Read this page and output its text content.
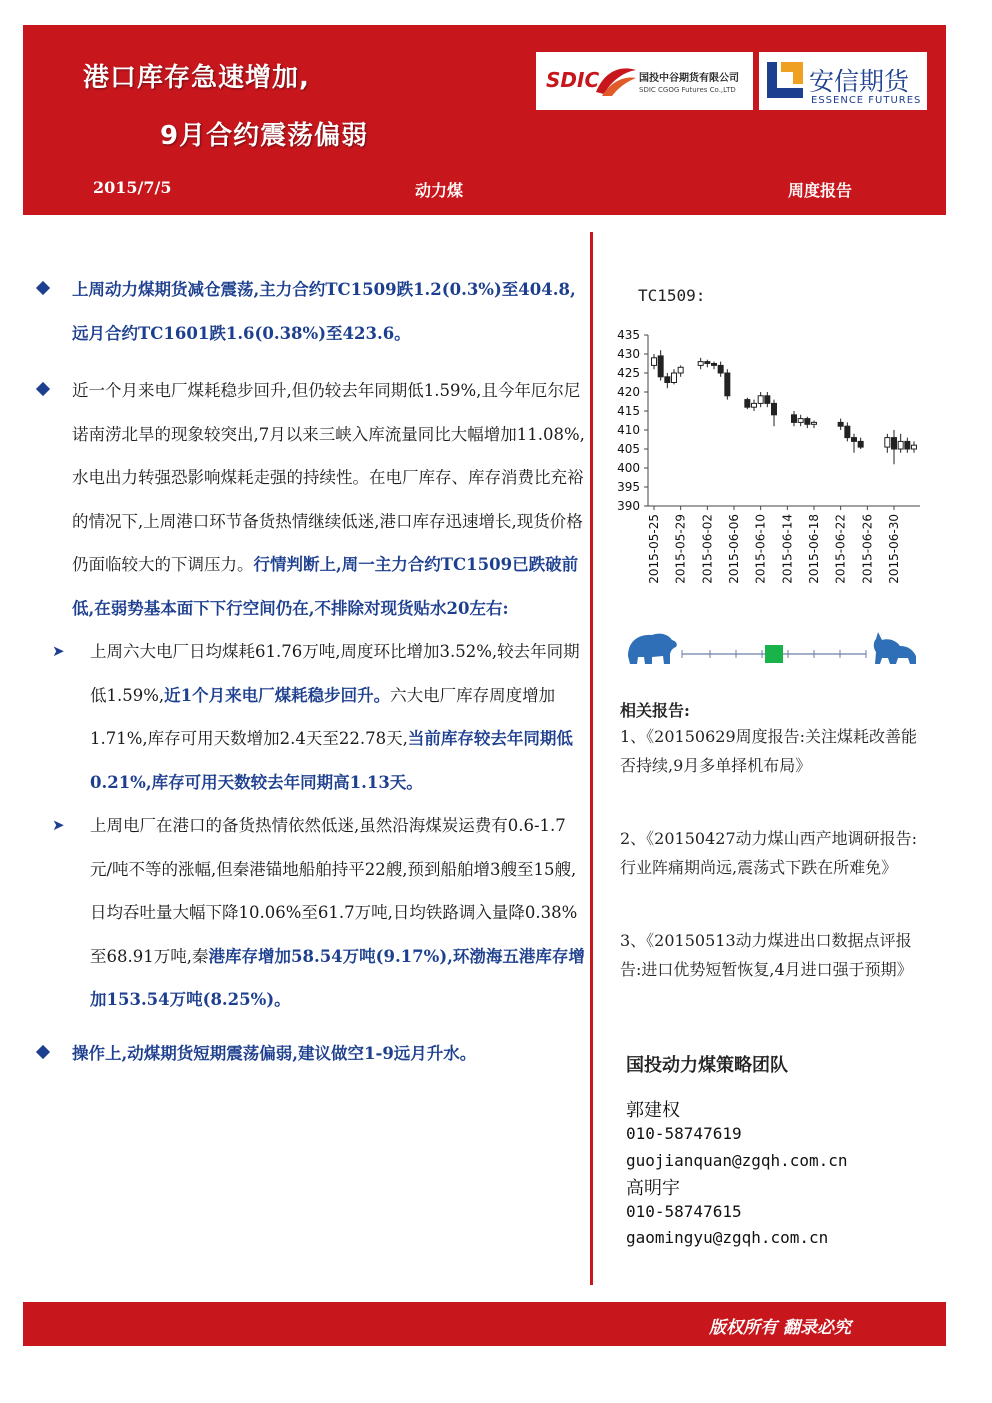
港口库存急速增加,
9月合约震荡偏弱
SDIC	国投中谷期货有限公司
SDIC CGOG Futures Co.,LTD	安信期货
ESSENCE FUTURES
2015/7/5	动力煤	周度报告
上周动力煤期货减仓震荡,主力合约TC1509跌1.2(0.3%)至404.8,远月合约TC1601跌1.6(0.38%)至423.6。
近一个月来电厂煤耗稳步回升,但仍较去年同期低1.59%,且今年厄尔尼诺南涝北旱的现象较突出,7月以来三峡入库流量同比大幅增加11.08%,水电出力转强恐影响煤耗走强的持续性。在电厂库存、库存消费比充裕的情况下,上周港口环节备货热情继续低迷,港口库存迅速增长,现货价格仍面临较大的下调压力。行情判断上,周一主力合约TC1509已跌破前低,在弱势基本面下下行空间仍在,不排除对现货贴水20左右:
➤ 上周六大电厂日均煤耗61.76万吨,周度环比增加3.52%,较去年同期低1.59%,近1个月来电厂煤耗稳步回升。六大电厂库存周度增加1.71%,库存可用天数增加2.4天至22.78天,当前库存较去年同期低0.21%,库存可用天数较去年同期高1.13天。
➤ 上周电厂在港口的备货热情依然低迷,虽然沿海煤炭运费有0.6-1.7元/吨不等的涨幅,但秦港锚地船舶持平22艘,预到船舶增3艘至15艘,日均吞吐量大幅下降10.06%至61.7万吨,日均铁路调入量降0.38%至68.91万吨,秦港库存增加58.54万吨(9.17%),环渤海五港库存增加153.54万吨(8.25%)。
操作上,动煤期货短期震荡偏弱,建议做空1-9远月升水。
TC1509:
390
395
400
405
410
415
420
425
430
435
2015-05-25 2015-05-29 2015-06-02 2015-06-06 2015-06-10 2015-06-14 2015-06-18 2015-06-22 2015-06-26 2015-06-30
相关报告:
1、《20150629周度报告:关注煤耗改善能否持续,9月多单择机布局》
2、《20150427动力煤山西产地调研报告:行业阵痛期尚远,震荡式下跌在所难免》
3、《20150513动力煤进出口数据点评报告:进口优势短暂恢复,4月进口强于预期》
国投动力煤策略团队
郭建权
010-58747619
guojianquan@zgqh.com.cn
高明宇
010-58747615
gaomingyu@zgqh.com.cn
版权所有 翻录必究
